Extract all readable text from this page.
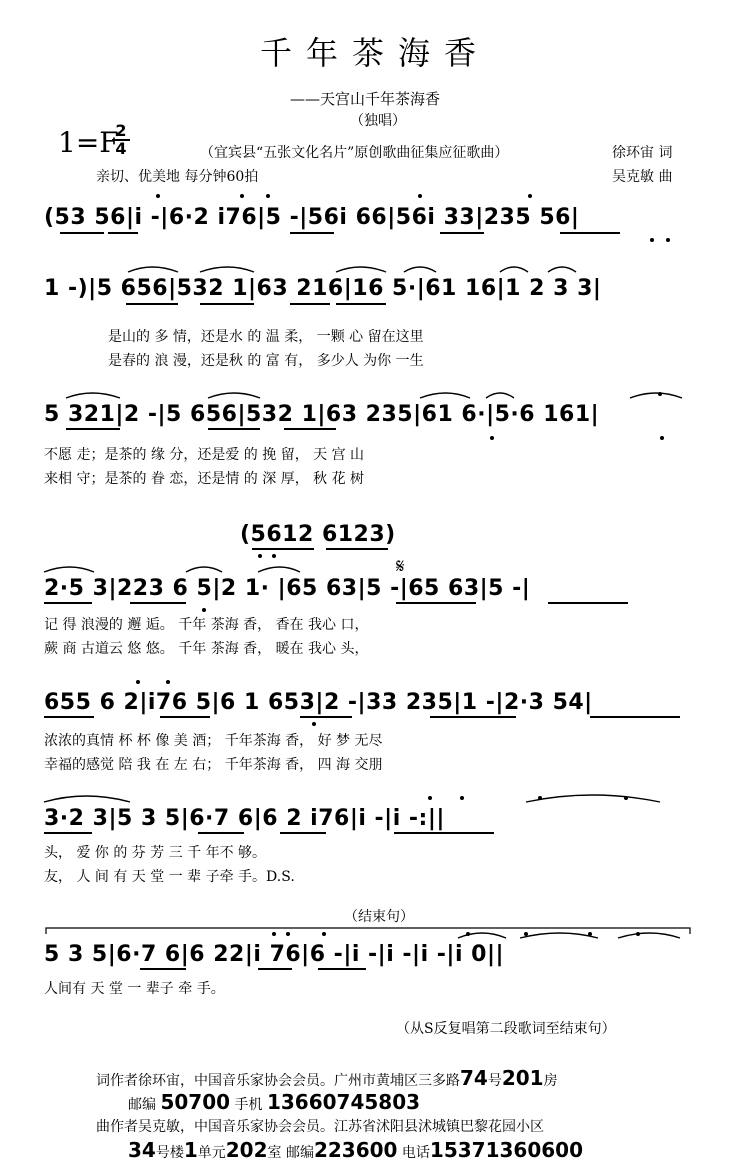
千年茶海香
——天宫山千年茶海香
（独唱）
1=F
2
4	（宜宾县“五张文化名片”原创歌曲征集应征歌曲）	徐环宙 词
亲切、优美地 每分钟60拍	吴克敏 曲
(53 56|i -|6·2 i76|5 -|56i 66|56i 33|235 56|
1 -)|5 656|532 1|63 216|16 5·|61 16|1 2 3 3|
是山的 多 情，还是水 的 温 柔， 一颗 心 留在这里
是春的 浪 漫，还是秋 的 富 有， 多少人 为你 一生
5 321|2 -|5 656|532 1|63 235|61 6·|5·6 161|
不愿 走；是茶的 缘 分，还是爱 的 挽 留， 天 宫 山
来相 守；是茶的 眷 恋，还是情 的 深 厚， 秋 花 树
(5612 6123)
𝄋
2·5 3|223 6 5|2 1· |65 63|5 -|65 63|5 -|
记 得 浪漫的 邂 逅。 千年 茶海 香， 香在 我心 口，
蕨 商 古道云 悠 悠。 千年 茶海 香， 暖在 我心 头，
655 6 2|i76 5|6 1 653|2 -|33 235|1 -|2·3 54|
浓浓的真情 杯 杯 像 美 酒； 千年茶海 香， 好 梦 无尽
幸福的感觉 陪 我 在 左 右； 千年茶海 香， 四 海 交朋
3·2 3|5 3 5|6·7 6|6 2 i76|i -|i -:||
头， 爱 你 的 芬 芳 三 千 年不 够。
友， 人 间 有 天 堂 一 辈 子牵 手。D.S.
（结束句）
5 3 5|6·7 6|6 22|i 76|6 -|i -|i -|i -|i 0||
人间有 天 堂 一 辈子 牵 手。
（从S反复唱第二段歌词至结束句）
词作者徐环宙，中国音乐家协会会员。广州市黄埔区三多路74号201房
邮编 50700 手机 13660745803
曲作者吴克敏，中国音乐家协会会员。江苏省沭阳县沭城镇巴黎花园小区
34号楼1单元202室 邮编223600 电话15371360600
